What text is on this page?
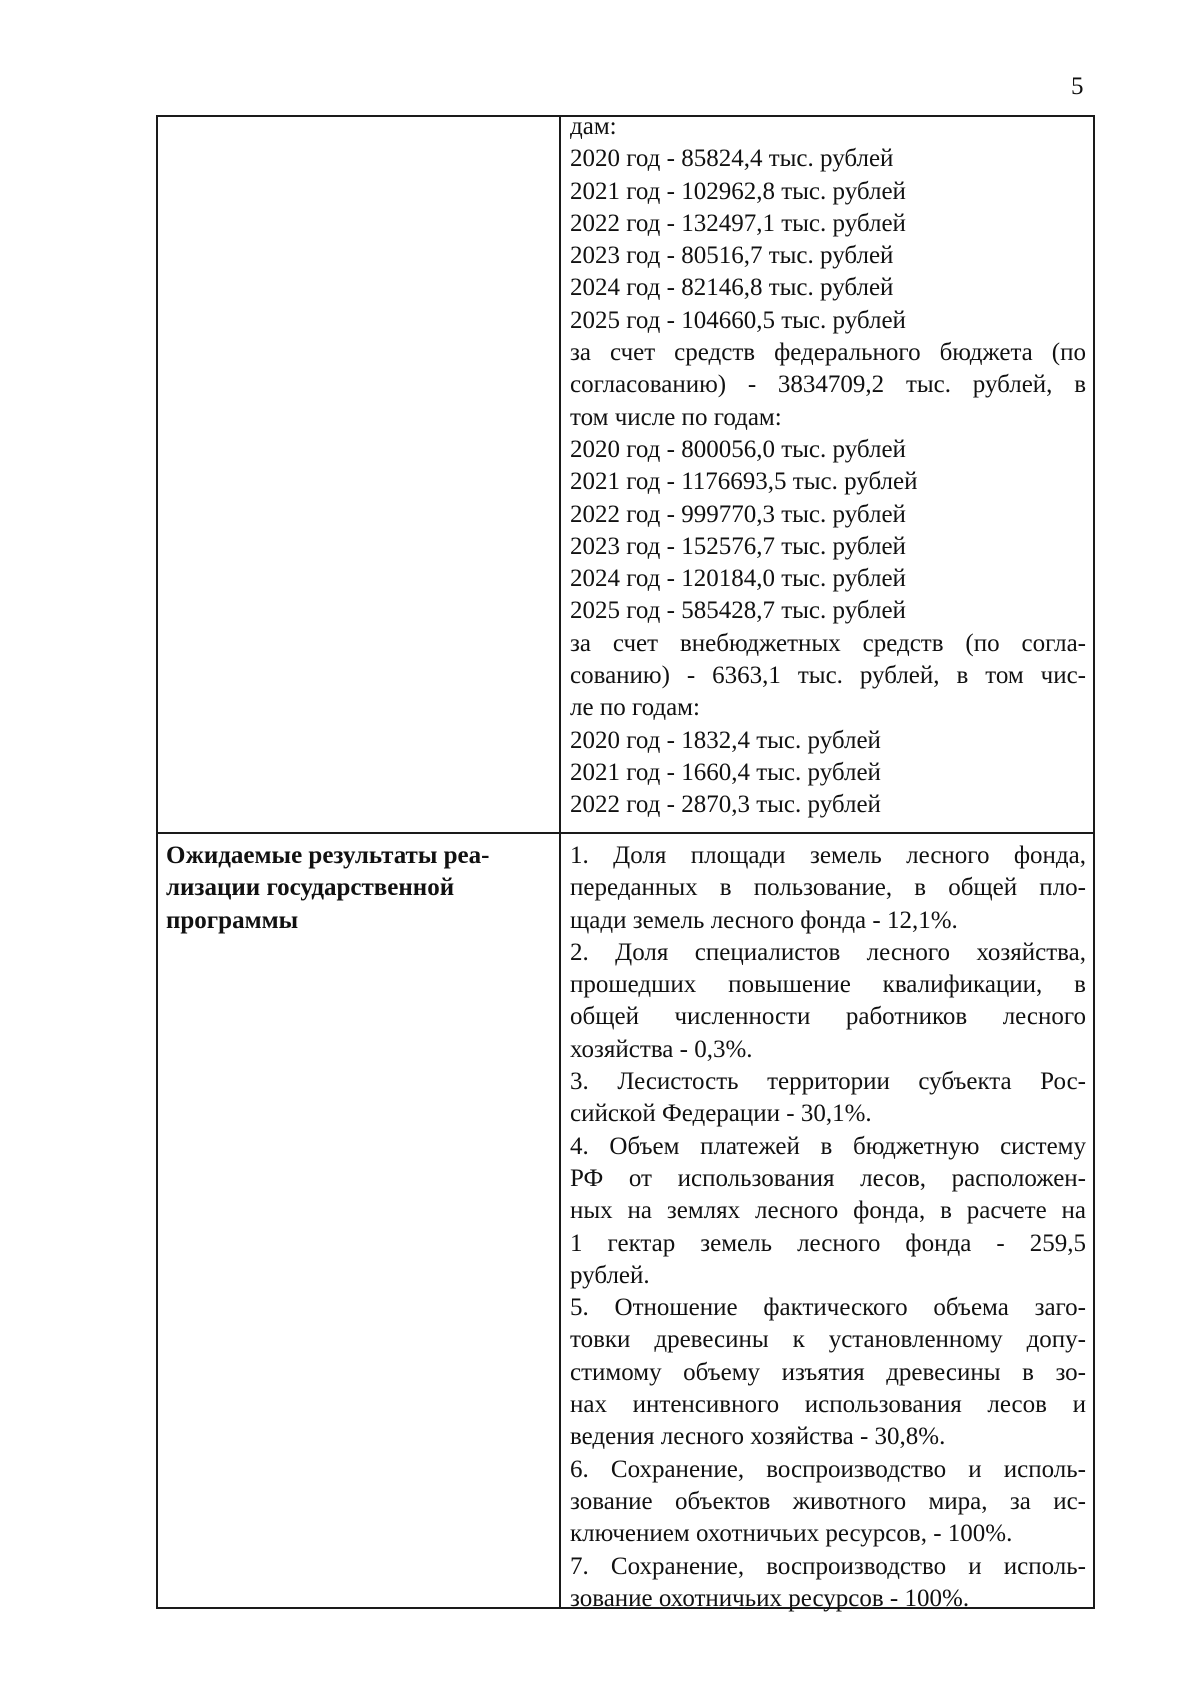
5
дам:
2020 год - 85824,4 тыс. рублей
2021 год - 102962,8 тыс. рублей
2022 год - 132497,1 тыс. рублей
2023 год - 80516,7 тыс. рублей
2024 год - 82146,8 тыс. рублей
2025 год - 104660,5 тыс. рублей
за счет средств федерального бюджета (по
согласованию) - 3834709,2 тыс. рублей, в
том числе по годам:
2020 год - 800056,0 тыс. рублей
2021 год - 1176693,5 тыс. рублей
2022 год - 999770,3 тыс. рублей
2023 год - 152576,7 тыс. рублей
2024 год - 120184,0 тыс. рублей
2025 год - 585428,7 тыс. рублей
за счет внебюджетных средств (по согла-
сованию) - 6363,1 тыс. рублей, в том чис-
ле по годам:
2020 год - 1832,4 тыс. рублей
2021 год - 1660,4 тыс. рублей
2022 год - 2870,3 тыс. рублей
Ожидаемые результаты реа-
лизации государственной
программы
1. Доля площади земель лесного фонда,
переданных в пользование, в общей пло-
щади земель лесного фонда - 12,1%.
2. Доля специалистов лесного хозяйства,
прошедших повышение квалификации, в
общей численности работников лесного
хозяйства - 0,3%.
3. Лесистость территории субъекта Рос-
сийской Федерации - 30,1%.
4. Объем платежей в бюджетную систему
РФ от использования лесов, расположен-
ных на землях лесного фонда, в расчете на
1 гектар земель лесного фонда - 259,5
рублей.
5. Отношение фактического объема заго-
товки древесины к установленному допу-
стимому объему изъятия древесины в зо-
нах интенсивного использования лесов и
ведения лесного хозяйства - 30,8%.
6. Сохранение, воспроизводство и исполь-
зование объектов животного мира, за ис-
ключением охотничьих ресурсов, - 100%.
7. Сохранение, воспроизводство и исполь-
зование охотничьих ресурсов - 100%.
